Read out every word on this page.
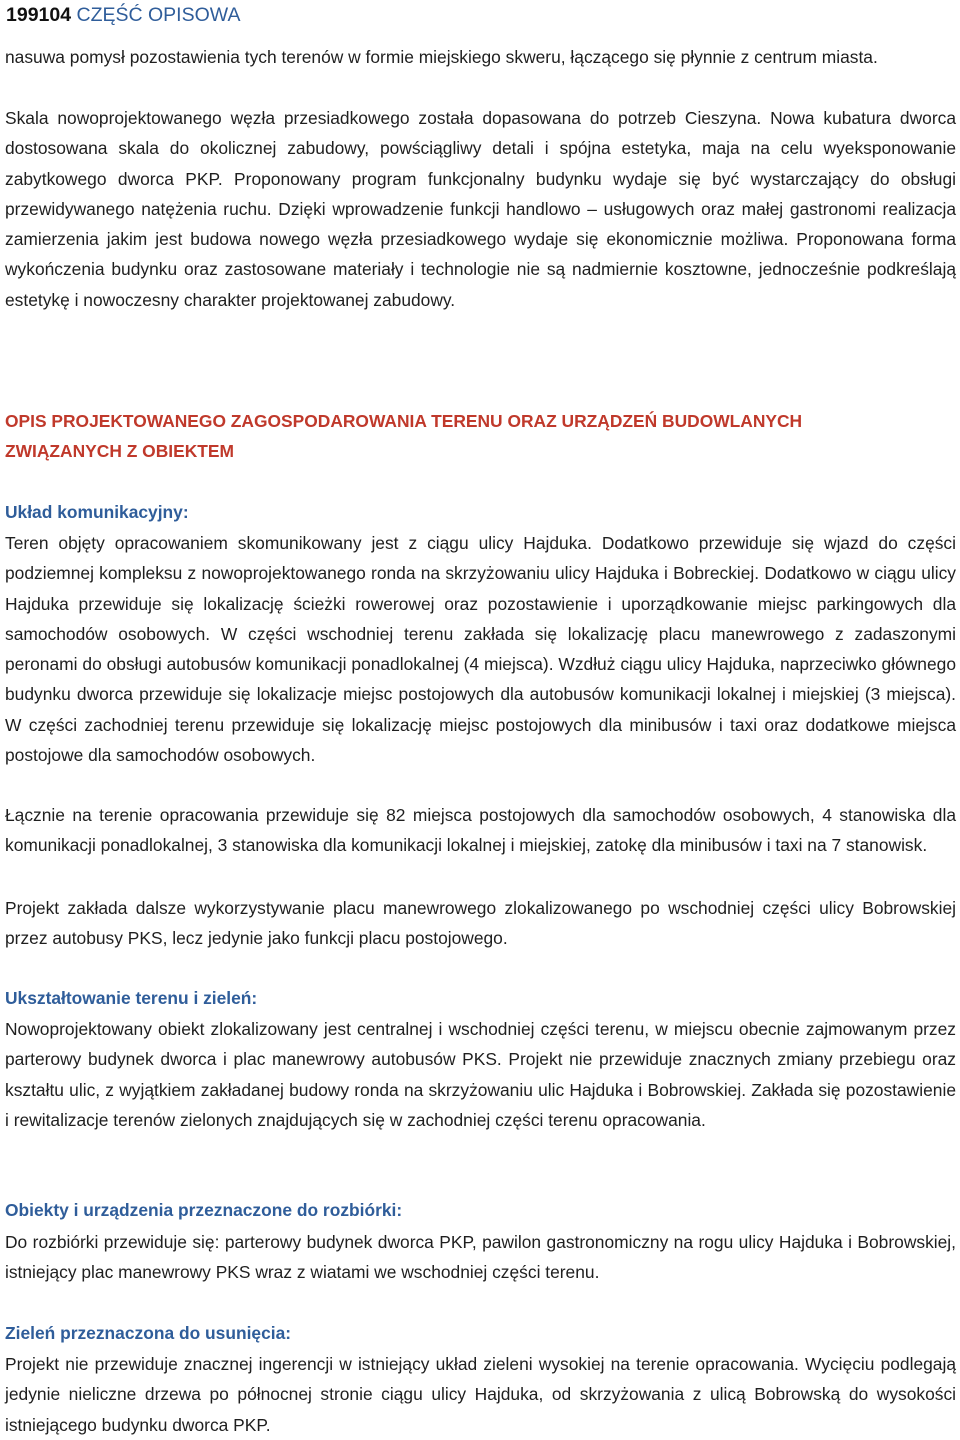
199104 CZĘŚĆ OPISOWA

nasuwa pomysł pozostawienia tych terenów w formie miejskiego skweru, łączącego się płynnie z centrum miasta.

Skala nowoprojektowanego węzła przesiadkowego została dopasowana do potrzeb Cieszyna. Nowa kubatura dworca dostosowana skala do okolicznej zabudowy, powściągliwy detali i spójna estetyka, maja na celu wyeksponowanie zabytkowego dworca PKP. Proponowany program funkcjonalny budynku wydaje się być wystarczający do obsługi przewidywanego natężenia ruchu. Dzięki wprowadzenie funkcji handlowo – usługowych oraz małej gastronomi realizacja zamierzenia jakim jest budowa nowego węzła przesiadkowego wydaje się ekonomicznie możliwa. Proponowana forma wykończenia budynku oraz zastosowane materiały i technologie nie są nadmiernie kosztowne, jednocześnie podkreślają estetykę i nowoczesny charakter projektowanej zabudowy.

OPIS PROJEKTOWANEGO ZAGOSPODAROWANIA TERENU ORAZ URZĄDZEŃ BUDOWLANYCH
ZWIĄZANYCH Z OBIEKTEM

Układ komunikacyjny:

Teren objęty opracowaniem skomunikowany jest z ciągu ulicy Hajduka. Dodatkowo przewiduje się wjazd do części podziemnej kompleksu z nowoprojektowanego ronda na skrzyżowaniu ulicy Hajduka i Bobreckiej. Dodatkowo w ciągu ulicy Hajduka przewiduje się lokalizację ścieżki rowerowej oraz pozostawienie i uporządkowanie miejsc parkingowych dla samochodów osobowych. W części wschodniej terenu zakłada się lokalizację placu manewrowego z zadaszonymi peronami do obsługi autobusów komunikacji ponadlokalnej (4 miejsca). Wzdłuż ciągu ulicy Hajduka, naprzeciwko głównego budynku dworca przewiduje się lokalizacje miejsc postojowych dla autobusów komunikacji lokalnej i miejskiej (3 miejsca). W części zachodniej terenu przewiduje się lokalizację miejsc postojowych dla minibusów i taxi oraz dodatkowe miejsca postojowe dla samochodów osobowych.

Łącznie na terenie opracowania przewiduje się 82 miejsca postojowych dla samochodów osobowych, 4 stanowiska dla komunikacji ponadlokalnej, 3 stanowiska dla komunikacji lokalnej i miejskiej, zatokę dla minibusów i taxi na 7 stanowisk.

Projekt zakłada dalsze wykorzystywanie placu manewrowego zlokalizowanego po wschodniej części ulicy Bobrowskiej przez autobusy PKS, lecz jedynie jako funkcji placu postojowego.

Ukształtowanie terenu i zieleń:

Nowoprojektowany obiekt zlokalizowany jest centralnej i wschodniej części terenu, w miejscu obecnie zajmowanym przez parterowy budynek dworca i plac manewrowy autobusów PKS. Projekt nie przewiduje znacznych zmiany przebiegu oraz kształtu ulic, z wyjątkiem zakładanej budowy ronda na skrzyżowaniu ulic Hajduka i Bobrowskiej. Zakłada się pozostawienie i rewitalizacje terenów zielonych znajdujących się w zachodniej części terenu opracowania.

Obiekty i urządzenia przeznaczone do rozbiórki:

Do rozbiórki przewiduje się: parterowy budynek dworca PKP, pawilon gastronomiczny na rogu ulicy Hajduka i Bobrowskiej, istniejący plac manewrowy PKS wraz z wiatami we wschodniej części terenu.

Zieleń przeznaczona do usunięcia:

Projekt nie przewiduje znacznej ingerencji w istniejący układ zieleni wysokiej na terenie opracowania. Wycięciu podlegają jedynie nieliczne drzewa po północnej stronie ciągu ulicy Hajduka, od skrzyżowania z ulicą Bobrowską do wysokości istniejącego budynku dworca PKP.
